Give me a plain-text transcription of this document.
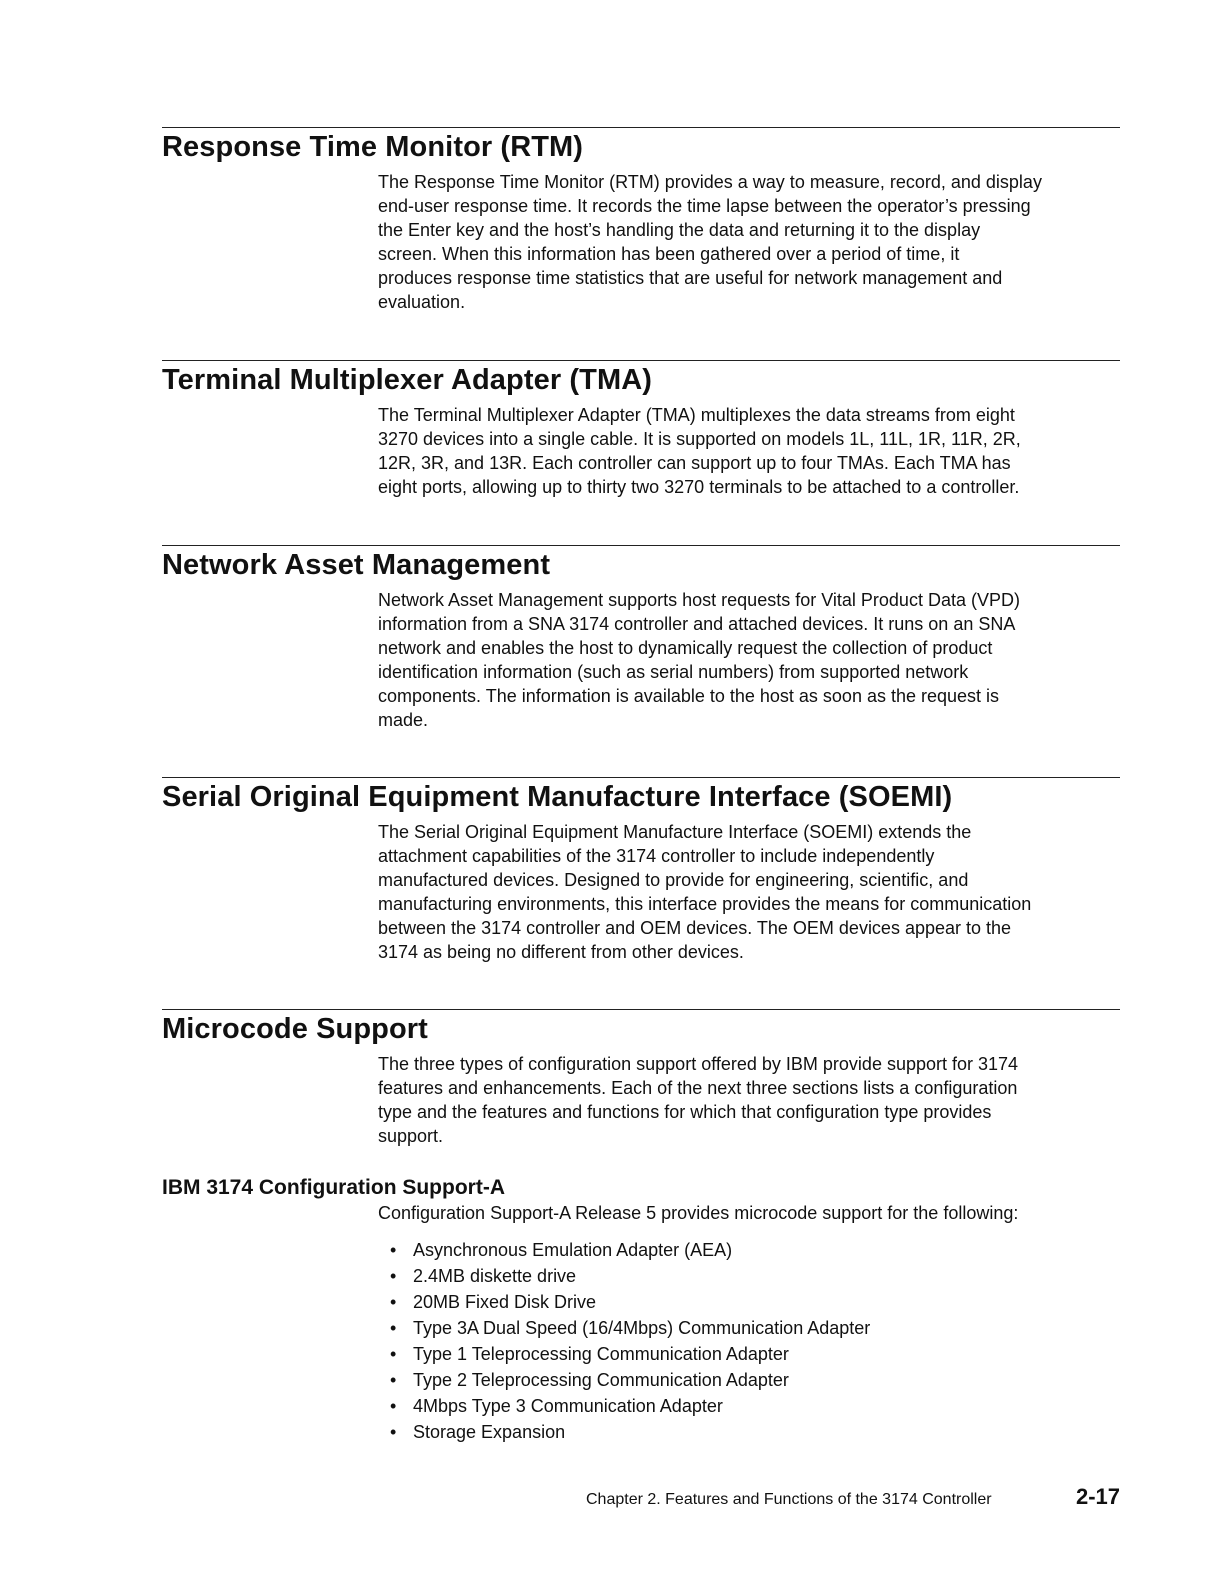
Response Time Monitor (RTM)
The Response Time Monitor (RTM) provides a way to measure, record, and display
end-user response time. It records the time lapse between the operator’s pressing
the Enter key and the host’s handling the data and returning it to the display
screen. When this information has been gathered over a period of time, it
produces response time statistics that are useful for network management and
evaluation.
Terminal Multiplexer Adapter (TMA)
The Terminal Multiplexer Adapter (TMA) multiplexes the data streams from eight
3270 devices into a single cable. It is supported on models 1L, 11L, 1R, 11R, 2R,
12R, 3R, and 13R. Each controller can support up to four TMAs. Each TMA has
eight ports, allowing up to thirty two 3270 terminals to be attached to a controller.
Network Asset Management
Network Asset Management supports host requests for Vital Product Data (VPD)
information from a SNA 3174 controller and attached devices. It runs on an SNA
network and enables the host to dynamically request the collection of product
identification information (such as serial numbers) from supported network
components. The information is available to the host as soon as the request is
made.
Serial Original Equipment Manufacture Interface (SOEMI)
The Serial Original Equipment Manufacture Interface (SOEMI) extends the
attachment capabilities of the 3174 controller to include independently
manufactured devices. Designed to provide for engineering, scientific, and
manufacturing environments, this interface provides the means for communication
between the 3174 controller and OEM devices. The OEM devices appear to the
3174 as being no different from other devices.
Microcode Support
The three types of configuration support offered by IBM provide support for 3174
features and enhancements. Each of the next three sections lists a configuration
type and the features and functions for which that configuration type provides
support.
IBM 3174 Configuration Support-A
Configuration Support-A Release 5 provides microcode support for the following:
• Asynchronous Emulation Adapter (AEA)
• 2.4MB diskette drive
• 20MB Fixed Disk Drive
• Type 3A Dual Speed (16/4Mbps) Communication Adapter
• Type 1 Teleprocessing Communication Adapter
• Type 2 Teleprocessing Communication Adapter
• 4Mbps Type 3 Communication Adapter
• Storage Expansion
Chapter 2. Features and Functions of the 3174 Controller	2-17
